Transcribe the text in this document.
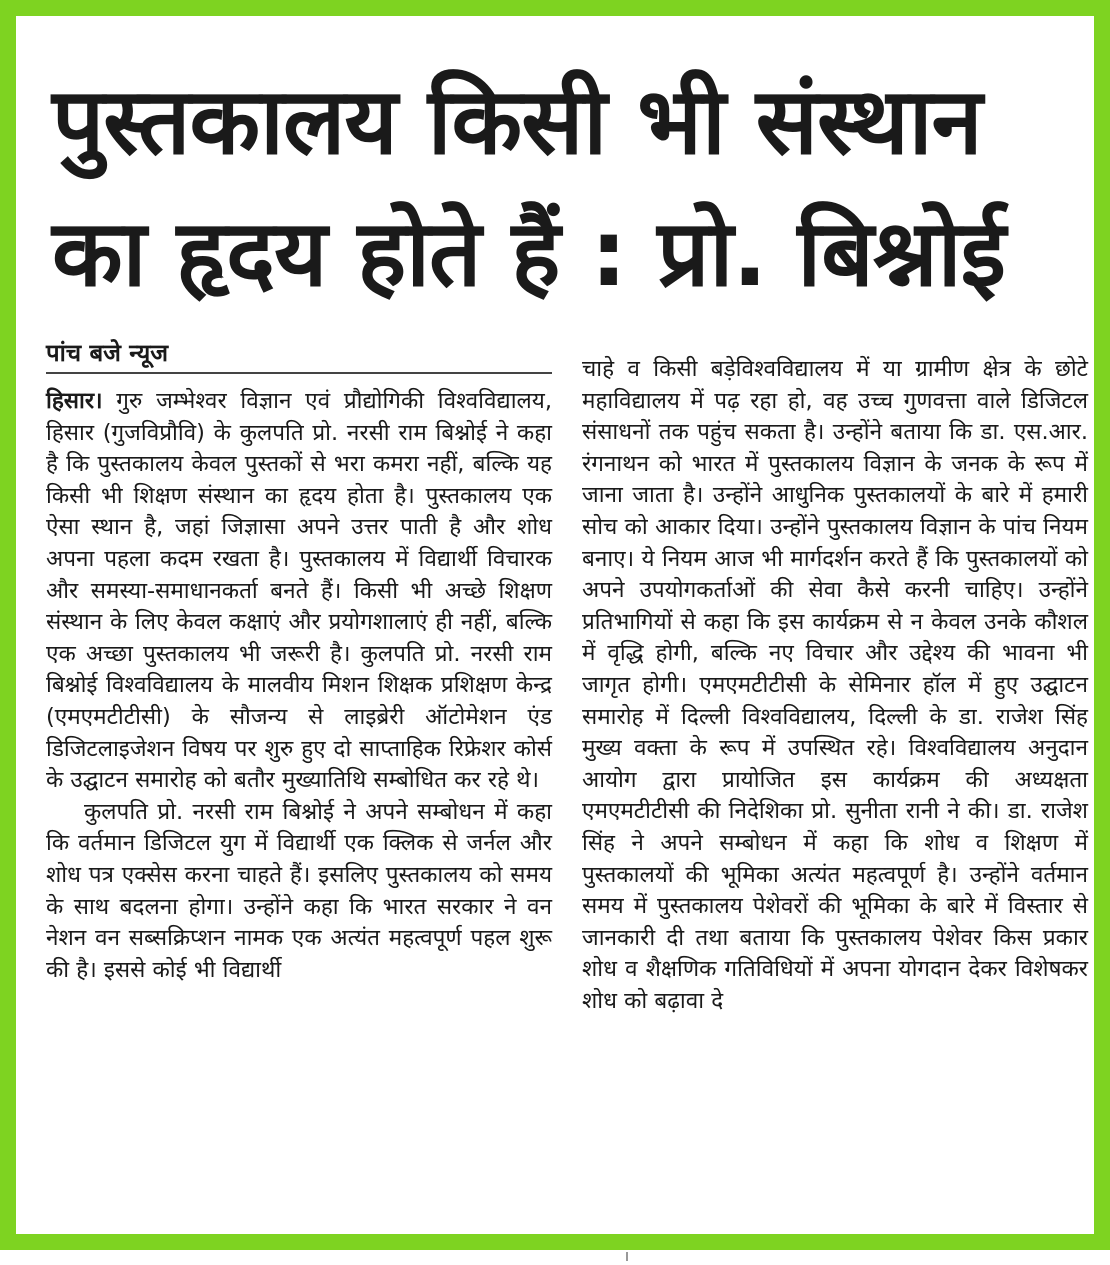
पुस्तकालय किसी भी संस्थान
का हृदय होते हैं : प्रो. बिश्नोई
पांच बजे न्यूज

हिसार। गुरु जम्भेश्वर विज्ञान एवं प्रौद्योगिकी विश्वविद्यालय, हिसार (गुजविप्रौवि) के कुलपति प्रो. नरसी राम बिश्नोई ने कहा है कि पुस्तकालय केवल पुस्तकों से भरा कमरा नहीं, बल्कि यह किसी भी शिक्षण संस्थान का हृदय होता है। पुस्तकालय एक ऐसा स्थान है, जहां जिज्ञासा अपने उत्तर पाती है और शोध अपना पहला कदम रखता है। पुस्तकालय में विद्यार्थी विचारक और समस्या-समाधानकर्ता बनते हैं। किसी भी अच्छे शिक्षण संस्थान के लिए केवल कक्षाएं और प्रयोगशालाएं ही नहीं, बल्कि एक अच्छा पुस्तकालय भी जरूरी है। कुलपति प्रो. नरसी राम बिश्नोई विश्वविद्यालय के मालवीय मिशन शिक्षक प्रशिक्षण केन्द्र (एमएमटीटीसी) के सौजन्य से लाइब्रेरी ऑटोमेशन एंड डिजिटलाइजेशन विषय पर शुरु हुए दो साप्ताहिक रिफ्रेशर कोर्स के उद्घाटन समारोह को बतौर मुख्यातिथि सम्बोधित कर रहे थे।

कुलपति प्रो. नरसी राम बिश्नोई ने अपने सम्बोधन में कहा कि वर्तमान डिजिटल युग में विद्यार्थी एक क्लिक से जर्नल और शोध पत्र एक्सेस करना चाहते हैं। इसलिए पुस्तकालय को समय के साथ बदलना होगा। उन्होंने कहा कि भारत सरकार ने वन नेशन वन सब्सक्रिप्शन नामक एक अत्यंत महत्वपूर्ण पहल शुरू की है। इससे कोई भी विद्यार्थी

चाहे व किसी बड़ेविश्वविद्यालय में या ग्रामीण क्षेत्र के छोटे महाविद्यालय में पढ़ रहा हो, वह उच्च गुणवत्ता वाले डिजिटल संसाधनों तक पहुंच सकता है। उन्होंने बताया कि डा. एस.आर. रंगनाथन को भारत में पुस्तकालय विज्ञान के जनक के रूप में जाना जाता है। उन्होंने आधुनिक पुस्तकालयों के बारे में हमारी सोच को आकार दिया। उन्होंने पुस्तकालय विज्ञान के पांच नियम बनाए। ये नियम आज भी मार्गदर्शन करते हैं कि पुस्तकालयों को अपने उपयोगकर्ताओं की सेवा कैसे करनी चाहिए। उन्होंने प्रतिभागियों से कहा कि इस कार्यक्रम से न केवल उनके कौशल में वृद्धि होगी, बल्कि नए विचार और उद्देश्य की भावना भी जागृत होगी। एमएमटीटीसी के सेमिनार हॉल में हुए उद्घाटन समारोह में दिल्ली विश्वविद्यालय, दिल्ली के डा. राजेश सिंह मुख्य वक्ता के रूप में उपस्थित रहे। विश्वविद्यालय अनुदान आयोग द्वारा प्रायोजित इस कार्यक्रम की अध्यक्षता एमएमटीटीसी की निदेशिका प्रो. सुनीता रानी ने की। डा. राजेश सिंह ने अपने सम्बोधन में कहा कि शोध व शिक्षण में पुस्तकालयों की भूमिका अत्यंत महत्वपूर्ण है। उन्होंने वर्तमान समय में पुस्तकालय पेशेवरों की भूमिका के बारे में विस्तार से जानकारी दी तथा बताया कि पुस्तकालय पेशेवर किस प्रकार शोध व शैक्षणिक गतिविधियों में अपना योगदान देकर विशेषकर शोध को बढ़ावा दे
